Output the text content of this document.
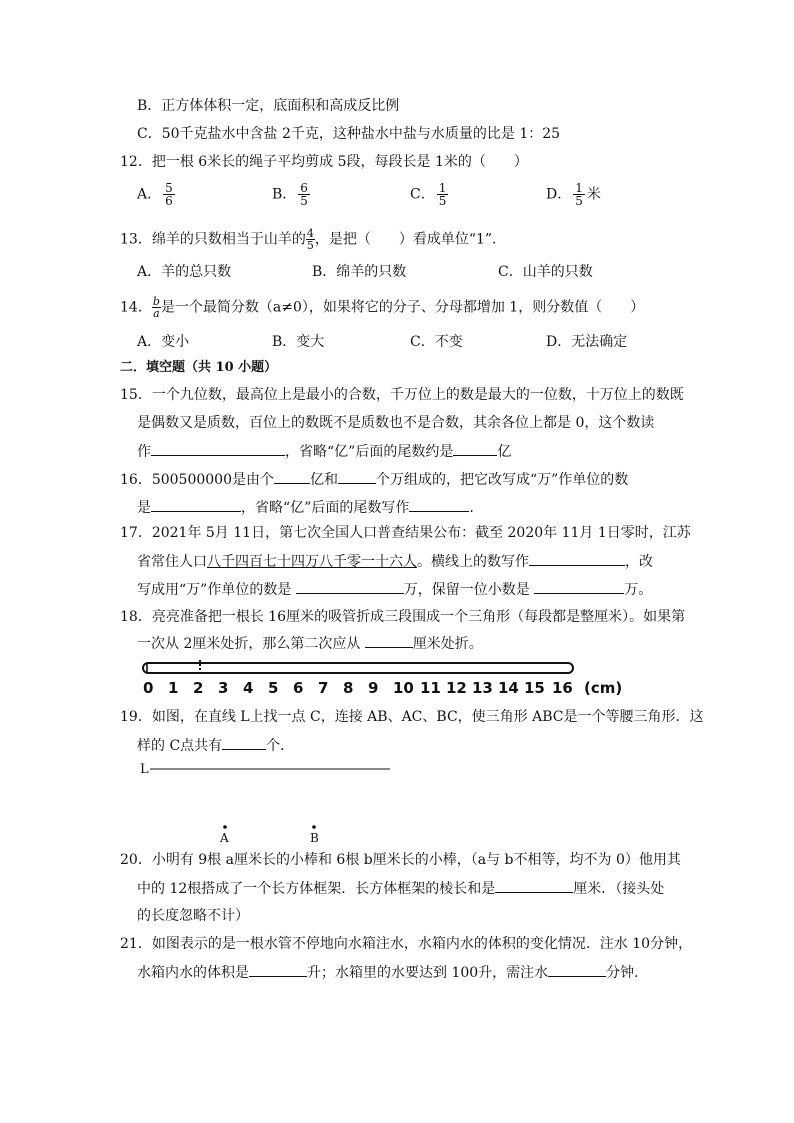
B．正方体体积一定，底面积和高成反比例
C．50千克盐水中含盐 2千克，这种盐水中盐与水质量的比是 1：25
12．把一根 6米长的绳子平均剪成 5段，每段长是 1米的（　　）
A． $\frac{5}{6}$	B． $\frac{6}{5}$	C． $\frac{1}{5}$	D． $\frac{1}{5}$ 米
13．绵羊的只数相当于山羊的 $\frac{4}{5}$ ，是把（　　）看成单位“1”.
A．羊的总只数	B．绵羊的只数	C．山羊的只数
14． $\frac{b}{a}$ 是一个最简分数（a≠0），如果将它的分子、分母都增加 1，则分数值（　　）
A．变小	B．变大	C．不变	D．无法确定
二．填空题（共 10 小题）
15．一个九位数，最高位上是最小的合数，千万位上的数是最大的一位数，十万位上的数既
是偶数又是质数，百位上的数既不是质数也不是合数，其余各位上都是 0，这个数读
作	，省略“亿”后面的尾数约是	亿
16．500500000是由个	亿和	个万组成的，把它改写成“万”作单位的数
是	，省略“亿”后面的尾数写作	.
17．2021年 5月 11日，第七次全国人口普查结果公布：截至 2020年 11月 1日零时，江苏
省常住人口八千四百七十四万八千零一十六人。横线上的数写作	，改
写成用“万”作单位的数是	万，保留一位小数是	万。
18．亮亮准备把一根长 16厘米的吸管折成三段围成一个三角形（每段都是整厘米）。如果第
一次从 2厘米处折，那么第二次应从	厘米处折。
0 1 2 3 4 5 6 7 8 9 10 11 12 13 14 15 16 (cm)
19．如图，在直线 L上找一点 C，连接 AB、AC、BC，使三角形 ABC是一个等腰三角形．这
样的 C点共有	个．
L
A	B
20．小明有 9根 a厘米长的小棒和 6根 b厘米长的小棒，（a与 b不相等，均不为 0）他用其
中的 12根搭成了一个长方体框架．长方体框架的棱长和是	厘米．（接头处
的长度忽略不计）
21．如图表示的是一根水管不停地向水箱注水，水箱内水的体积的变化情况．注水 10分钟，
水箱内水的体积是	升；水箱里的水要达到 100升，需注水	分钟．
